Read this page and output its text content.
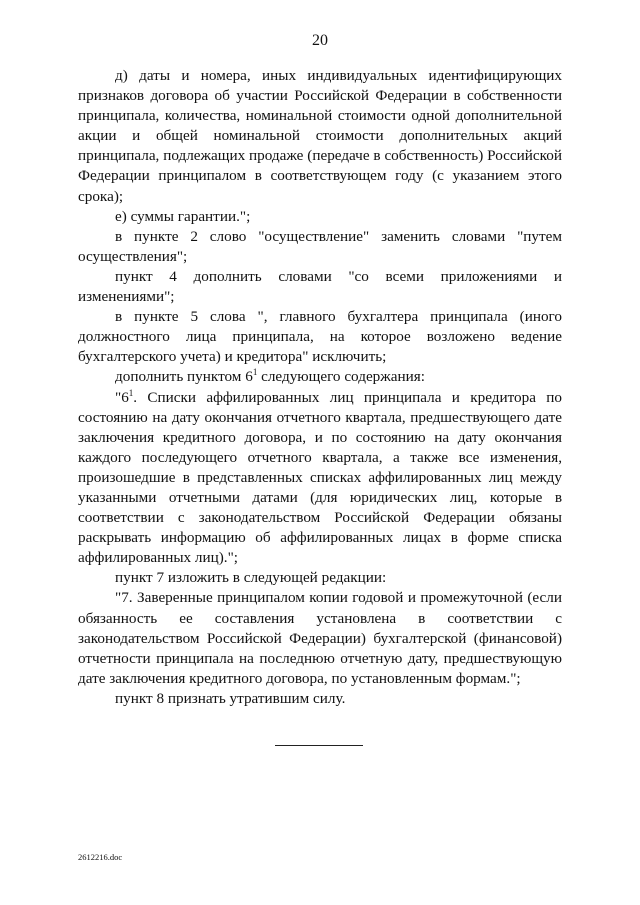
20

д) даты и номера, иных индивидуальных идентифицирующих признаков договора об участии Российской Федерации в собственности принципала, количества, номинальной стоимости одной дополнительной акции и общей номинальной стоимости дополнительных акций принципала, подлежащих продаже (передаче в собственность) Российской Федерации принципалом в соответствующем году (с указанием этого срока);

е) суммы гарантии.";

в пункте 2 слово "осуществление" заменить словами "путем осуществления";

пункт 4 дополнить словами "со всеми приложениями и изменениями";

в пункте 5 слова ", главного бухгалтера принципала (иного должностного лица принципала, на которое возложено ведение бухгалтерского учета) и кредитора" исключить;

дополнить пунктом $6^1$ следующего содержания:

"$6^1$. Списки аффилированных лиц принципала и кредитора по состоянию на дату окончания отчетного квартала, предшествующего дате заключения кредитного договора, и по состоянию на дату окончания каждого последующего отчетного квартала, а также все изменения, произошедшие в представленных списках аффилированных лиц между указанными отчетными датами (для юридических лиц, которые в соответствии с законодательством Российской Федерации обязаны раскрывать информацию об аффилированных лицах в форме списка аффилированных лиц).";

пункт 7 изложить в следующей редакции:

"7. Заверенные принципалом копии годовой и промежуточной (если обязанность ее составления установлена в соответствии с законодательством Российской Федерации) бухгалтерской (финансовой) отчетности принципала на последнюю отчетную дату, предшествующую дате заключения кредитного договора, по установленным формам.";

пункт 8 признать утратившим силу.

2612216.doc
